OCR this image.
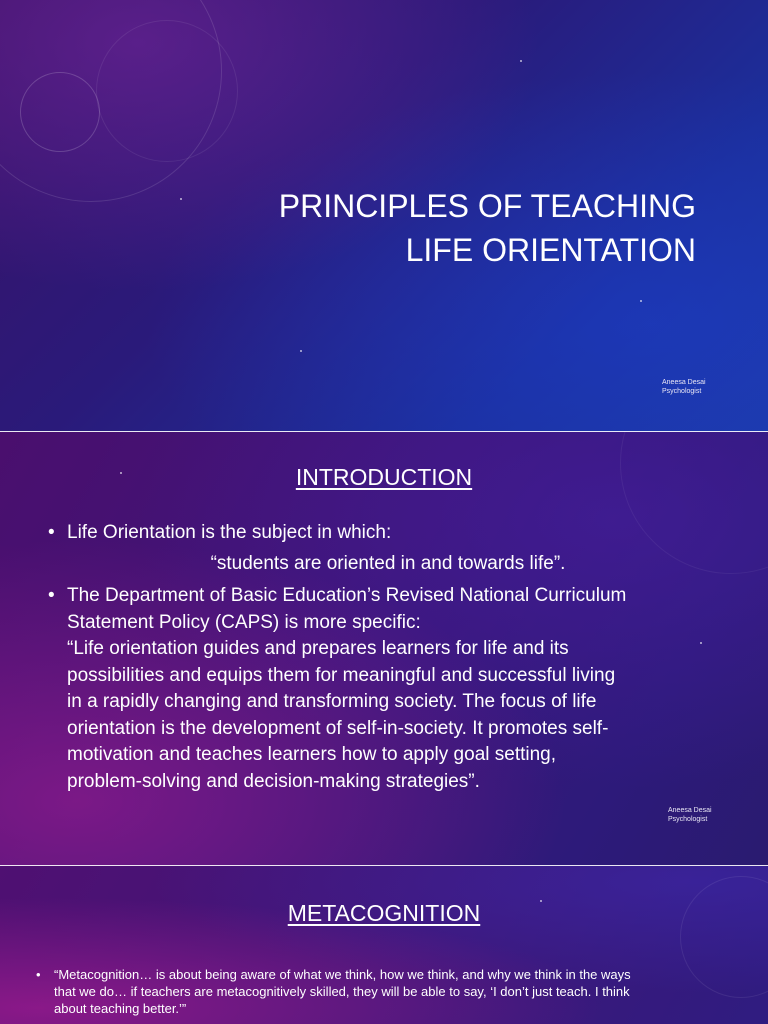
PRINCIPLES OF TEACHING
LIFE ORIENTATION
Aneesa Desai
Psychologist
INTRODUCTION
• Life Orientation is the subject in which:
“students are oriented in and towards life”.
• The Department of Basic Education’s Revised National Curriculum
Statement Policy (CAPS) is more specific:
“Life orientation guides and prepares learners for life and its
possibilities and equips them for meaningful and successful living
in a rapidly changing and transforming society. The focus of life
orientation is the development of self-in-society. It promotes self-
motivation and teaches learners how to apply goal setting,
problem-solving and decision-making strategies”.
Aneesa Desai
Psychologist
METACOGNITION
• “Metacognition… is about being aware of what we think, how we think, and why we think in the ways
that we do… if teachers are metacognitively skilled, they will be able to say, ‘I don’t just teach. I think
about teaching better.’”
